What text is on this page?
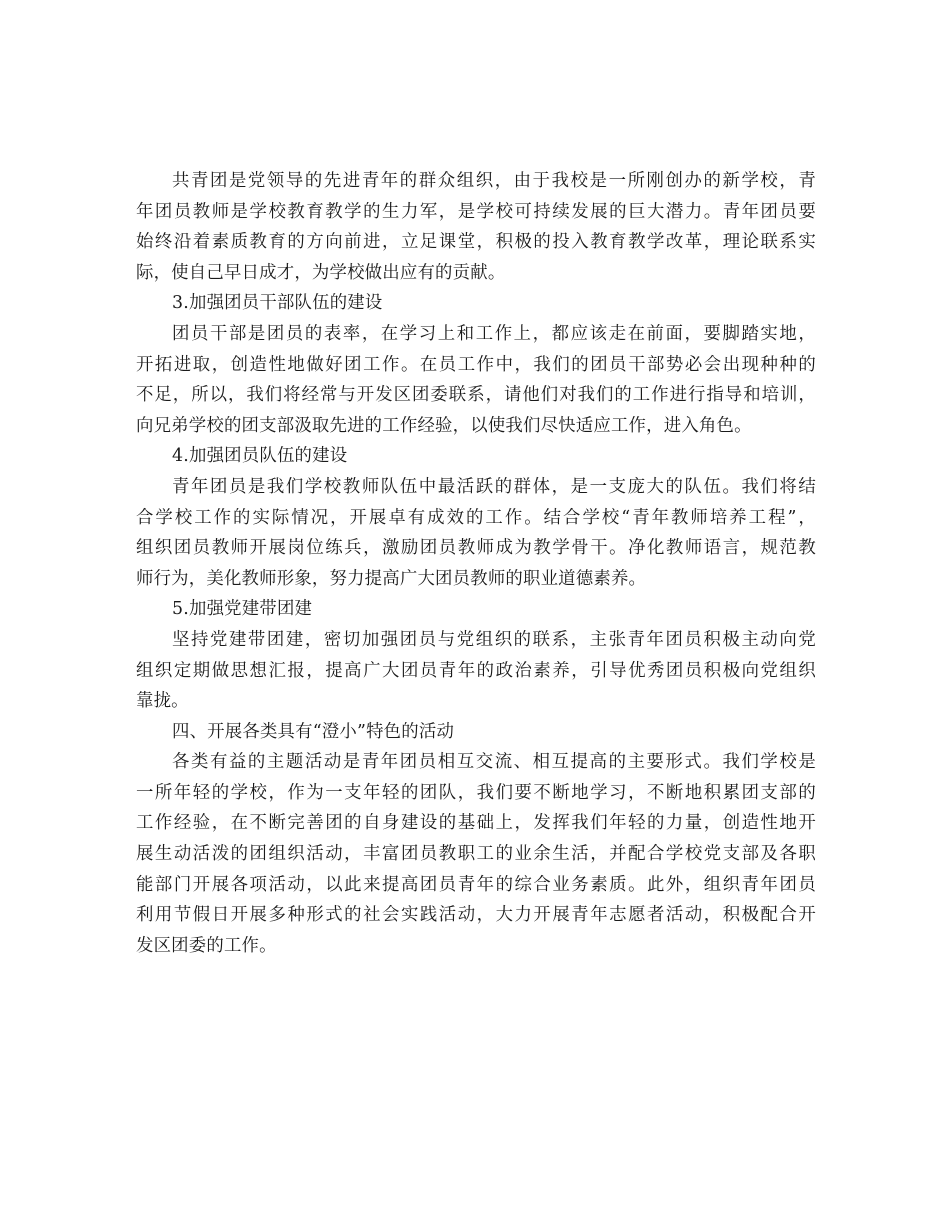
共青团是党领导的先进青年的群众组织，由于我校是一所刚创办的新学校，青
年团员教师是学校教育教学的生力军，是学校可持续发展的巨大潜力。青年团员要
始终沿着素质教育的方向前进，立足课堂，积极的投入教育教学改革，理论联系实
际，使自己早日成才，为学校做出应有的贡献。
3.加强团员干部队伍的建设
团员干部是团员的表率，在学习上和工作上，都应该走在前面，要脚踏实地，
开拓进取，创造性地做好团工作。在员工作中，我们的团员干部势必会出现种种的
不足，所以，我们将经常与开发区团委联系，请他们对我们的工作进行指导和培训，
向兄弟学校的团支部汲取先进的工作经验，以使我们尽快适应工作，进入角色。
4.加强团员队伍的建设
青年团员是我们学校教师队伍中最活跃的群体，是一支庞大的队伍。我们将结
合学校工作的实际情况，开展卓有成效的工作。结合学校“青年教师培养工程”，
组织团员教师开展岗位练兵，激励团员教师成为教学骨干。净化教师语言，规范教
师行为，美化教师形象，努力提高广大团员教师的职业道德素养。
5.加强党建带团建
坚持党建带团建，密切加强团员与党组织的联系，主张青年团员积极主动向党
组织定期做思想汇报，提高广大团员青年的政治素养，引导优秀团员积极向党组织
靠拢。
四、开展各类具有“澄小”特色的活动
各类有益的主题活动是青年团员相互交流、相互提高的主要形式。我们学校是
一所年轻的学校，作为一支年轻的团队，我们要不断地学习，不断地积累团支部的
工作经验，在不断完善团的自身建设的基础上，发挥我们年轻的力量，创造性地开
展生动活泼的团组织活动，丰富团员教职工的业余生活，并配合学校党支部及各职
能部门开展各项活动，以此来提高团员青年的综合业务素质。此外，组织青年团员
利用节假日开展多种形式的社会实践活动，大力开展青年志愿者活动，积极配合开
发区团委的工作。
